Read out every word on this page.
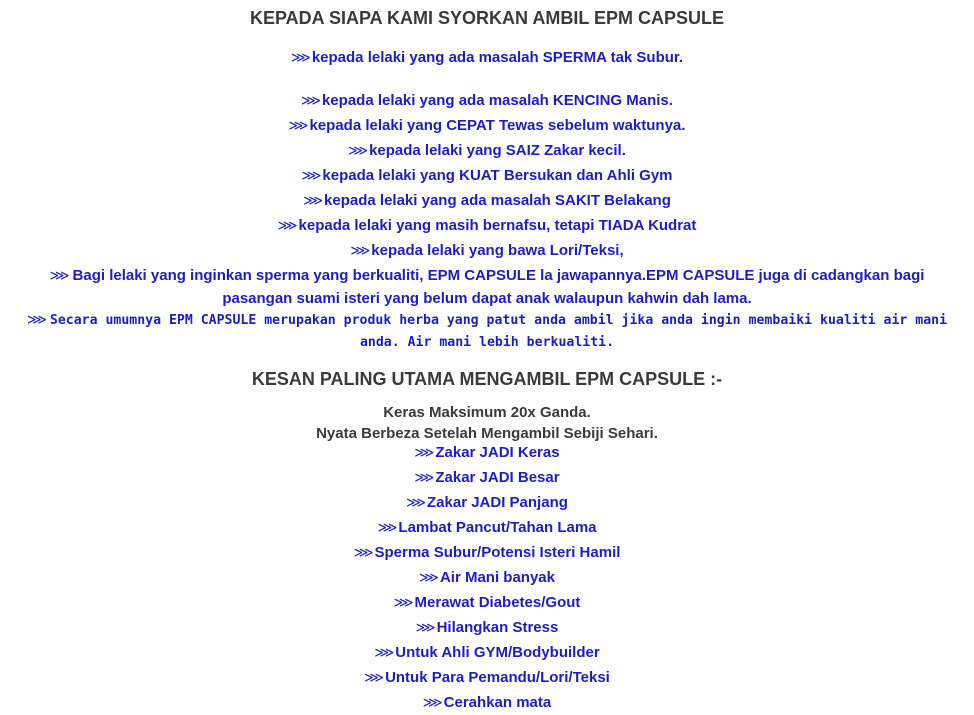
KEPADA SIAPA KAMI SYORKAN AMBIL EPM CAPSULE
⋙ kepada lelaki yang ada masalah SPERMA tak Subur.
⋙ kepada lelaki yang ada masalah KENCING Manis.
⋙ kepada lelaki yang CEPAT Tewas sebelum waktunya.
⋙ kepada lelaki yang SAIZ Zakar kecil.
⋙ kepada lelaki yang KUAT Bersukan dan Ahli Gym
⋙ kepada lelaki yang ada masalah SAKIT Belakang
⋙ kepada lelaki yang masih bernafsu, tetapi TIADA Kudrat
⋙ kepada lelaki yang bawa Lori/Teksi,
⋙ Bagi lelaki yang inginkan sperma yang berkualiti, EPM CAPSULE la jawapannya.EPM CAPSULE juga di cadangkan bagi pasangan suami isteri yang belum dapat anak walaupun kahwin dah lama.
⋙ Secara umumnya EPM CAPSULE merupakan produk herba yang patut anda ambil jika anda ingin membaiki kualiti air mani anda. Air mani lebih berkualiti.
KESAN PALING UTAMA MENGAMBIL EPM CAPSULE :-
Keras Maksimum 20x Ganda.
Nyata Berbeza Setelah Mengambil Sebiji Sehari.
⋙ Zakar JADI Keras
⋙ Zakar JADI Besar
⋙ Zakar JADI Panjang
⋙ Lambat Pancut/Tahan Lama
⋙ Sperma Subur/Potensi Isteri Hamil
⋙ Air Mani banyak
⋙ Merawat Diabetes/Gout
⋙ Hilangkan Stress
⋙ Untuk Ahli GYM/Bodybuilder
⋙ Untuk Para Pemandu/Lori/Teksi
⋙ Cerahkan mata
